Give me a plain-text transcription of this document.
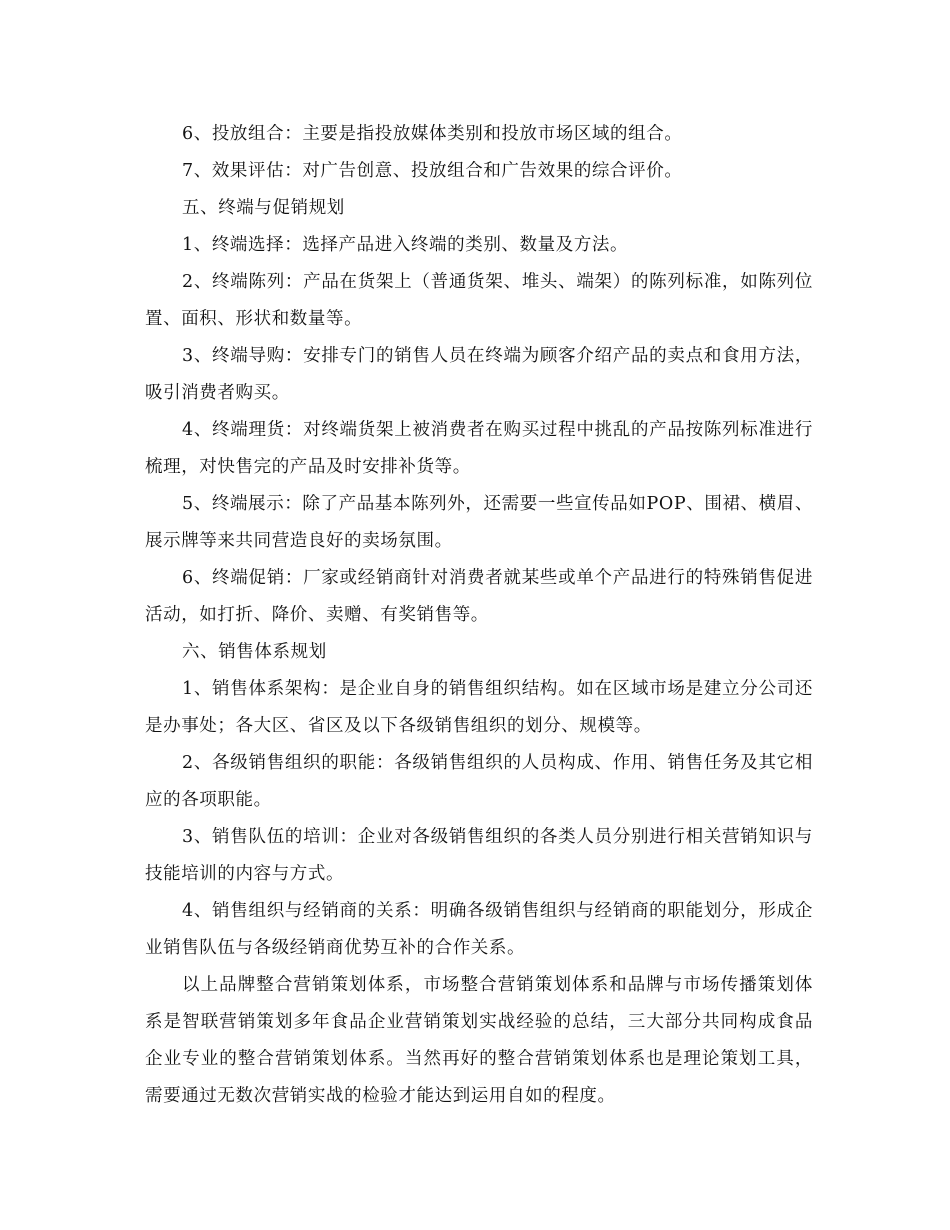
6、投放组合：主要是指投放媒体类别和投放市场区域的组合。

7、效果评估：对广告创意、投放组合和广告效果的综合评价。

五、终端与促销规划

1、终端选择：选择产品进入终端的类别、数量及方法。

2、终端陈列：产品在货架上（普通货架、堆头、端架）的陈列标准，如陈列位置、面积、形状和数量等。

3、终端导购：安排专门的销售人员在终端为顾客介绍产品的卖点和食用方法，吸引消费者购买。

4、终端理货：对终端货架上被消费者在购买过程中挑乱的产品按陈列标准进行梳理，对快售完的产品及时安排补货等。

5、终端展示：除了产品基本陈列外，还需要一些宣传品如POP、围裙、横眉、展示牌等来共同营造良好的卖场氛围。

6、终端促销：厂家或经销商针对消费者就某些或单个产品进行的特殊销售促进活动，如打折、降价、卖赠、有奖销售等。

六、销售体系规划

1、销售体系架构：是企业自身的销售组织结构。如在区域市场是建立分公司还是办事处；各大区、省区及以下各级销售组织的划分、规模等。

2、各级销售组织的职能：各级销售组织的人员构成、作用、销售任务及其它相应的各项职能。

3、销售队伍的培训：企业对各级销售组织的各类人员分别进行相关营销知识与技能培训的内容与方式。

4、销售组织与经销商的关系：明确各级销售组织与经销商的职能划分，形成企业销售队伍与各级经销商优势互补的合作关系。

以上品牌整合营销策划体系，市场整合营销策划体系和品牌与市场传播策划体系是智联营销策划多年食品企业营销策划实战经验的总结，三大部分共同构成食品企业专业的整合营销策划体系。当然再好的整合营销策划体系也是理论策划工具，需要通过无数次营销实战的检验才能达到运用自如的程度。
